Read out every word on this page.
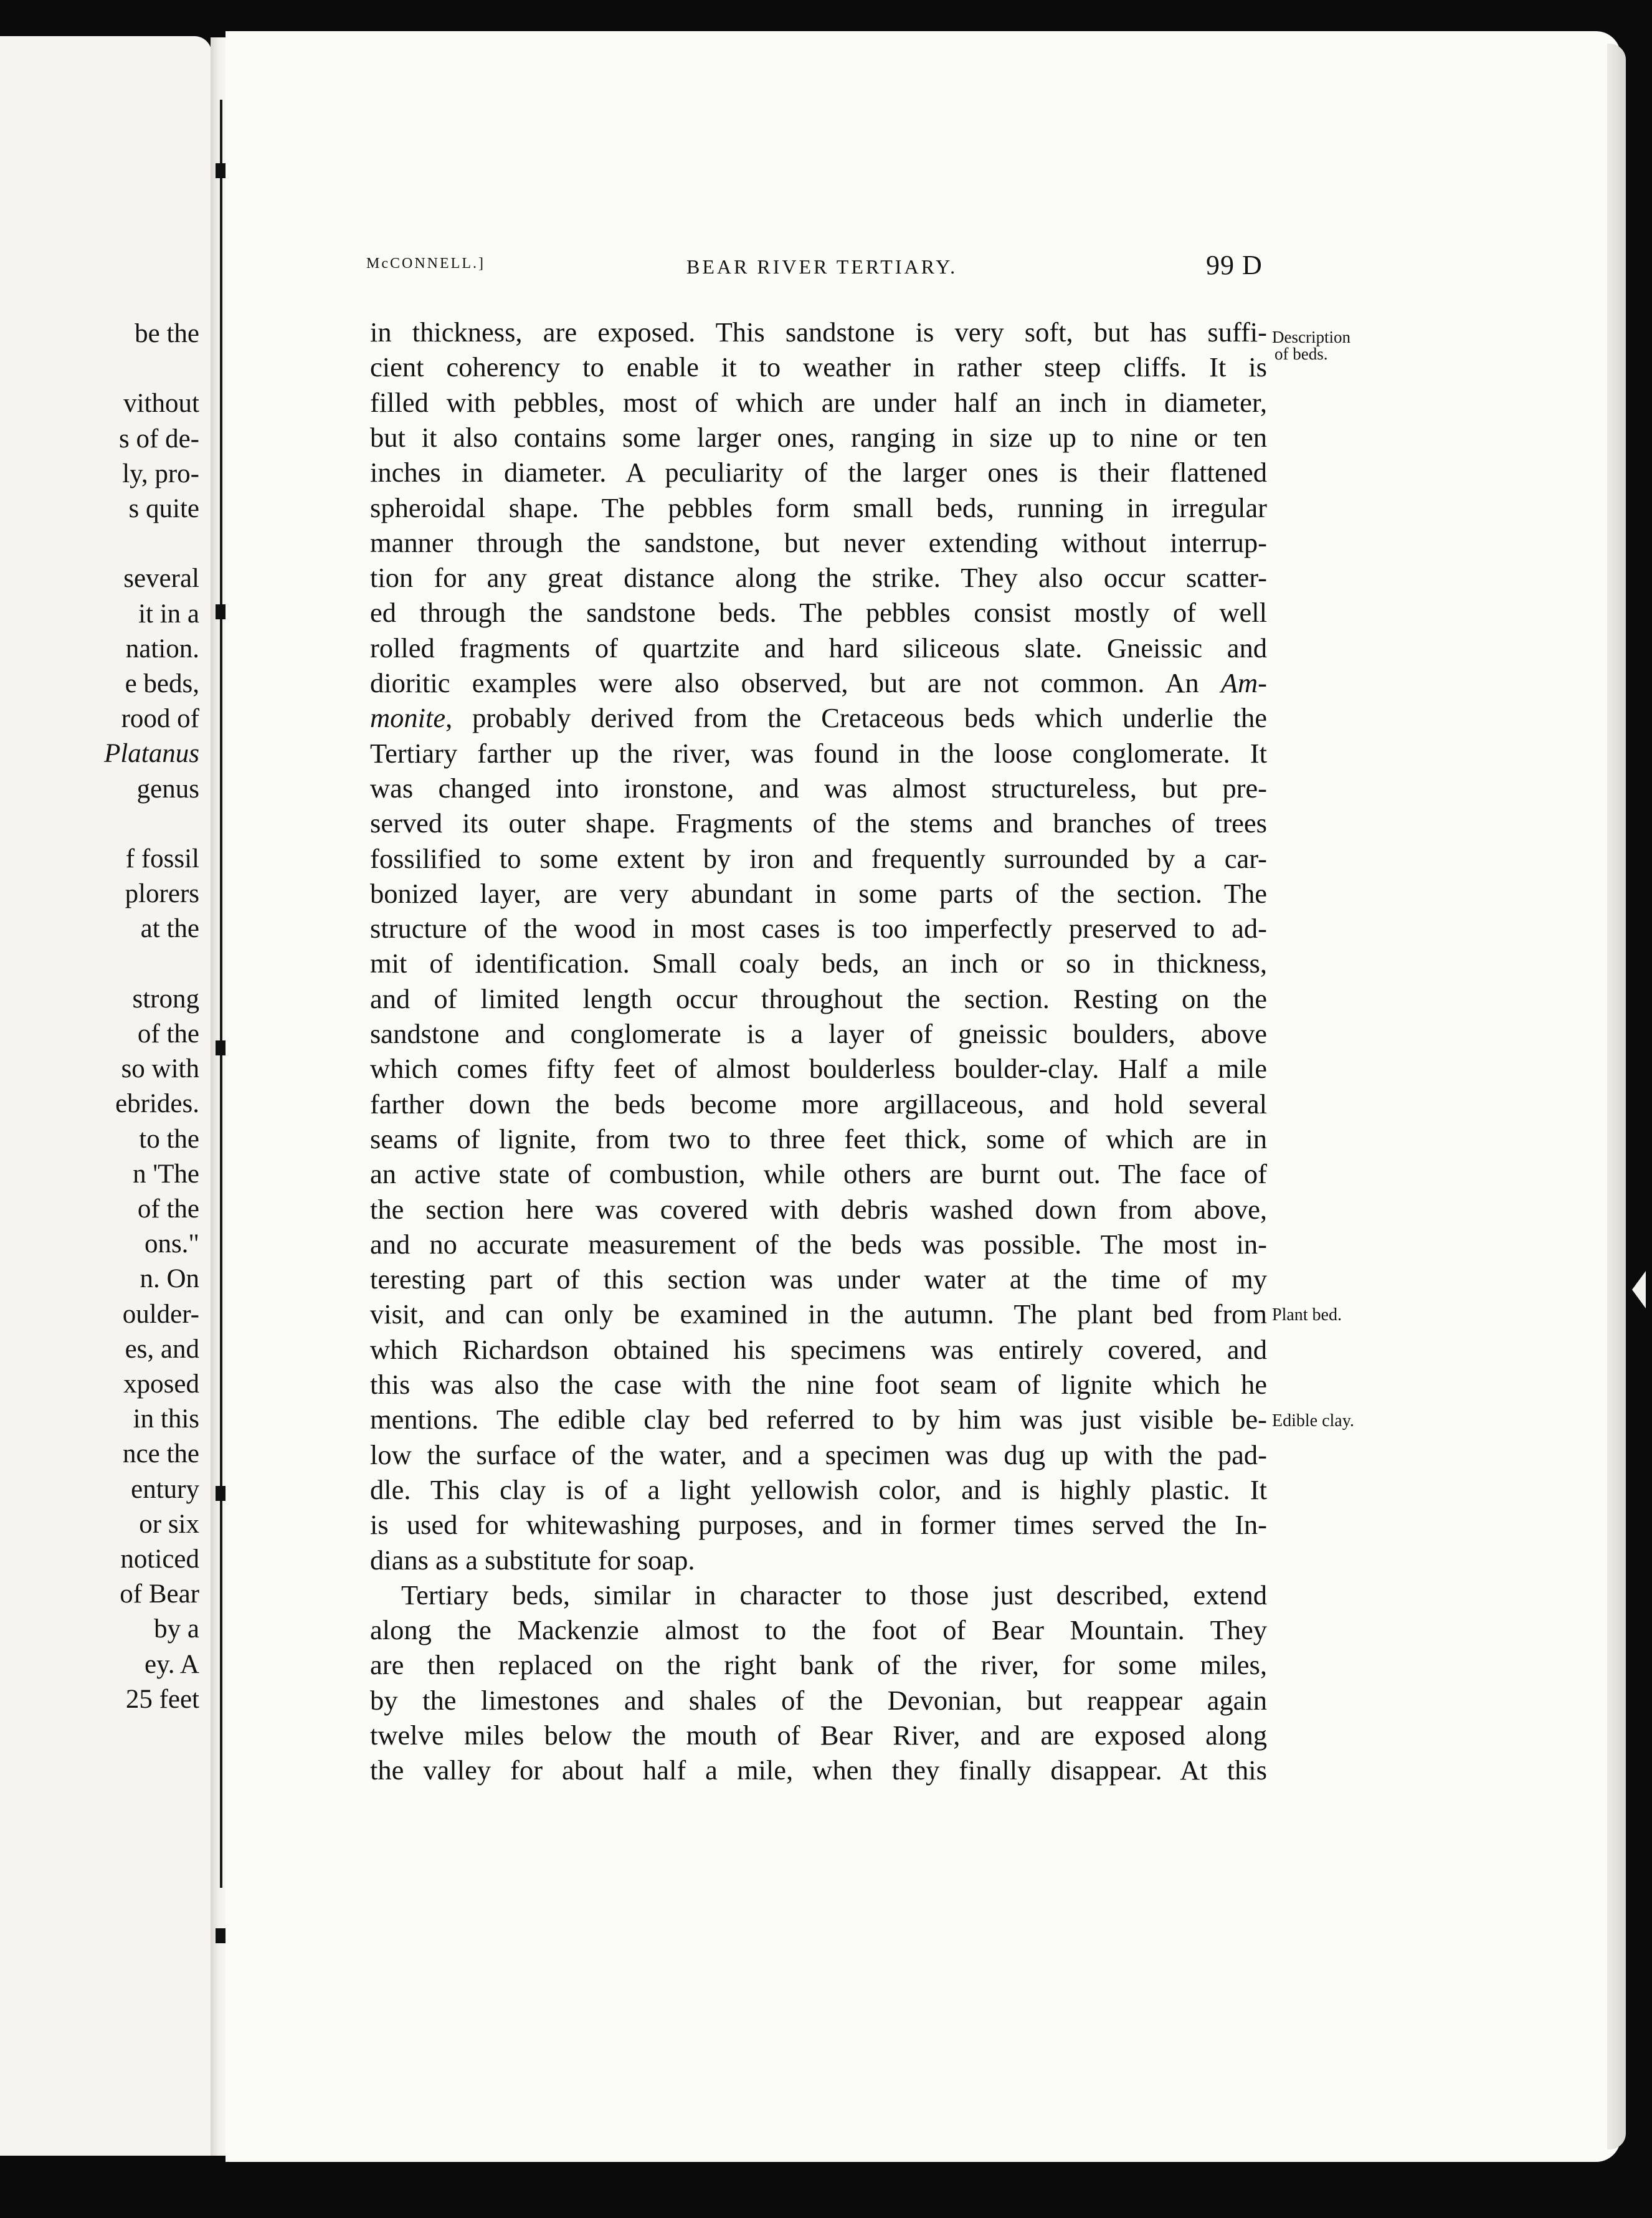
be the
vithout
s of de-
ly, pro-
s quite
several
it in a
nation.
e beds,
rood of
Platanus
genus
f fossil
plorers
at the
strong
of the
so with
ebrides.
to the
n 'The
of the
ons."
n. On
oulder-
es, and
xposed
in this
nce the
entury
or six
noticed
of Bear
by a
ey. A
25 feet
McCONNELL.]	BEAR RIVER TERTIARY.	99 D
in thickness, are exposed. This sandstone is very soft, but has suffi-
cient coherency to enable it to weather in rather steep cliffs. It is
filled with pebbles, most of which are under half an inch in diameter,
but it also contains some larger ones, ranging in size up to nine or ten
inches in diameter. A peculiarity of the larger ones is their flattened
spheroidal shape. The pebbles form small beds, running in irregular
manner through the sandstone, but never extending without interrup-
tion for any great distance along the strike. They also occur scatter-
ed through the sandstone beds. The pebbles consist mostly of well
rolled fragments of quartzite and hard siliceous slate. Gneissic and
dioritic examples were also observed, but are not common. An Am-
monite, probably derived from the Cretaceous beds which underlie the
Tertiary farther up the river, was found in the loose conglomerate. It
was changed into ironstone, and was almost structureless, but pre-
served its outer shape. Fragments of the stems and branches of trees
fossilified to some extent by iron and frequently surrounded by a car-
bonized layer, are very abundant in some parts of the section. The
structure of the wood in most cases is too imperfectly preserved to ad-
mit of identification. Small coaly beds, an inch or so in thickness,
and of limited length occur throughout the section. Resting on the
sandstone and conglomerate is a layer of gneissic boulders, above
which comes fifty feet of almost boulderless boulder-clay. Half a mile
farther down the beds become more argillaceous, and hold several
seams of lignite, from two to three feet thick, some of which are in
an active state of combustion, while others are burnt out. The face of
the section here was covered with debris washed down from above,
and no accurate measurement of the beds was possible. The most in-
teresting part of this section was under water at the time of my
visit, and can only be examined in the autumn. The plant bed from
which Richardson obtained his specimens was entirely covered, and
this was also the case with the nine foot seam of lignite which he
mentions. The edible clay bed referred to by him was just visible be-
low the surface of the water, and a specimen was dug up with the pad-
dle. This clay is of a light yellowish color, and is highly plastic. It
is used for whitewashing purposes, and in former times served the In-
dians as a substitute for soap.
Tertiary beds, similar in character to those just described, extend
along the Mackenzie almost to the foot of Bear Mountain. They
are then replaced on the right bank of the river, for some miles,
by the limestones and shales of the Devonian, but reappear again
twelve miles below the mouth of Bear River, and are exposed along
the valley for about half a mile, when they finally disappear. At this
Description
of beds.
Plant bed.
Edible clay.
